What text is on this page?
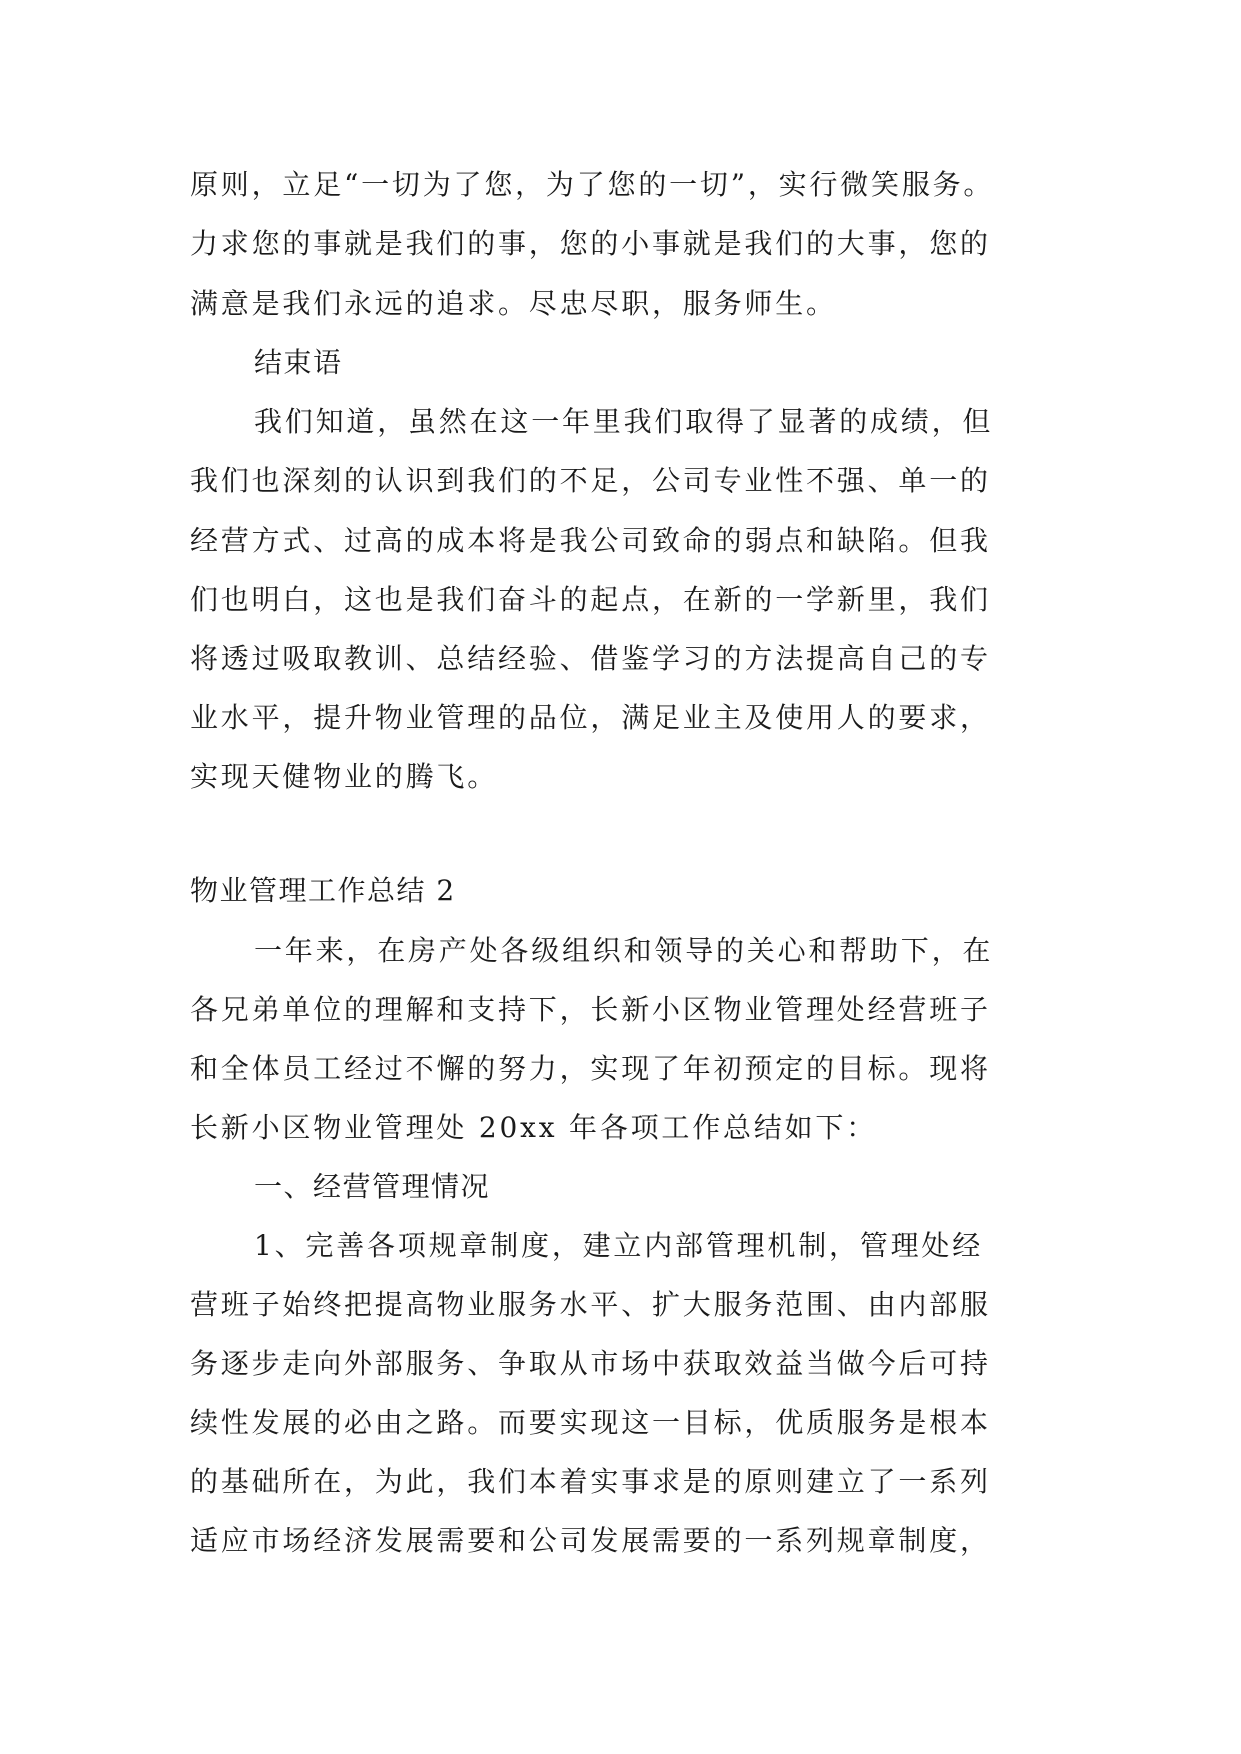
原则，立足“一切为了您，为了您的一切”，实行微笑服务。
力求您的事就是我们的事，您的小事就是我们的大事，您的
满意是我们永远的追求。尽忠尽职，服务师生。
结束语
我们知道，虽然在这一年里我们取得了显著的成绩，但
我们也深刻的认识到我们的不足，公司专业性不强、单一的
经营方式、过高的成本将是我公司致命的弱点和缺陷。但我
们也明白，这也是我们奋斗的起点，在新的一学新里，我们
将透过吸取教训、总结经验、借鉴学习的方法提高自己的专
业水平，提升物业管理的品位，满足业主及使用人的要求，
实现天健物业的腾飞。
物业管理工作总结 2
一年来，在房产处各级组织和领导的关心和帮助下，在
各兄弟单位的理解和支持下，长新小区物业管理处经营班子
和全体员工经过不懈的努力，实现了年初预定的目标。现将
长新小区物业管理处 20xx 年各项工作总结如下：
一、经营管理情况
1、完善各项规章制度，建立内部管理机制，管理处经
营班子始终把提高物业服务水平、扩大服务范围、由内部服
务逐步走向外部服务、争取从市场中获取效益当做今后可持
续性发展的必由之路。而要实现这一目标，优质服务是根本
的基础所在，为此，我们本着实事求是的原则建立了一系列
适应市场经济发展需要和公司发展需要的一系列规章制度，
